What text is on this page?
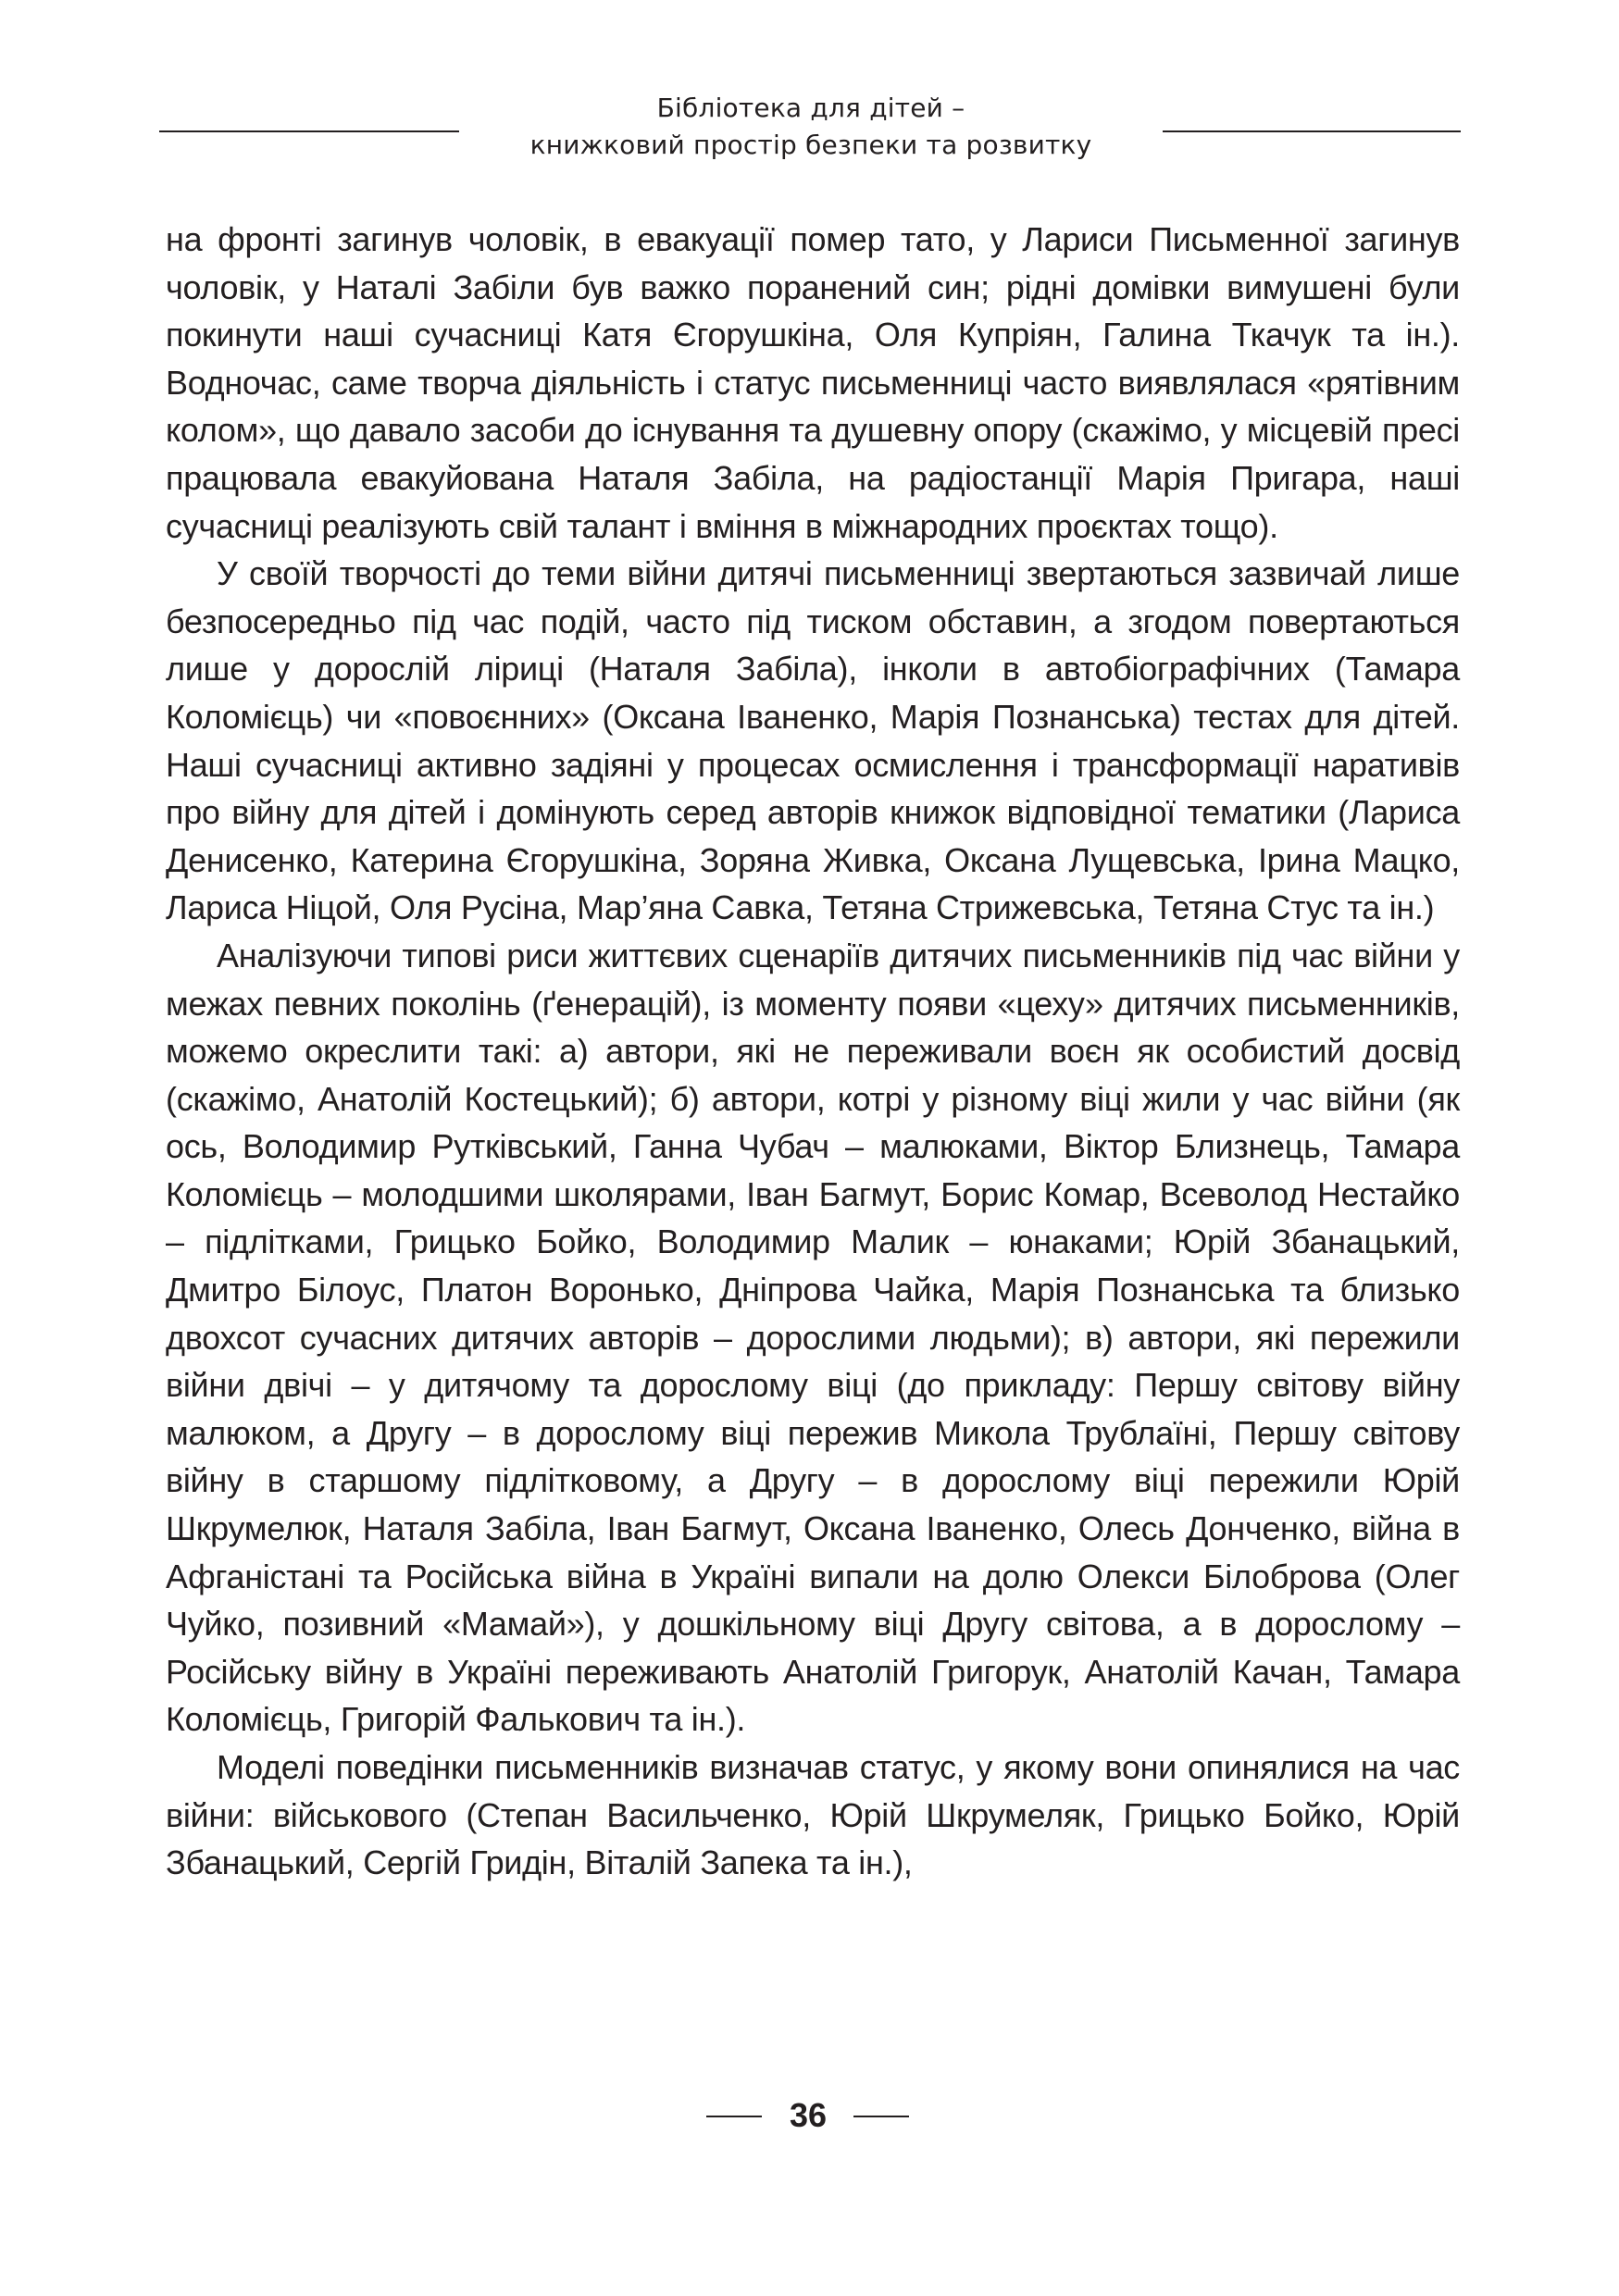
Бібліотека для дітей –
книжковий простір безпеки та розвитку

на фронті загинув чоловік, в евакуації помер тато, у Лариси Письменної загинув чоловік, у Наталі Забіли був важко поранений син; рідні домівки вимушені були покинути наші сучасниці Катя Єгорушкіна, Оля Купріян, Галина Ткачук та ін.). Водночас, саме творча діяльність і статус письменниці часто виявлялася «рятівним колом», що давало засоби до існування та душевну опору (скажімо, у місцевій пресі працювала евакуйована Наталя Забіла, на радіостанції Марія Пригара, наші сучасниці реалізують свій талант і вміння в міжнародних проєктах тощо).

У своїй творчості до теми війни дитячі письменниці звертаються зазвичай лише безпосередньо під час подій, часто під тиском обставин, а згодом повертаються лише у дорослій ліриці (Наталя Забіла), інколи в автобіографічних (Тамара Коломієць) чи «повоєнних» (Оксана Іваненко, Марія Познанська) тестах для дітей. Наші сучасниці активно задіяні у процесах осмислення і трансформації наративів про війну для дітей і домінують серед авторів книжок відповідної тематики (Лариса Денисенко, Катерина Єгорушкіна, Зоряна Живка, Оксана Лущевська, Ірина Мацко, Лариса Ніцой, Оля Русіна, Мар’яна Савка, Тетяна Стрижевська, Тетяна Стус та ін.)

Аналізуючи типові риси життєвих сценаріїв дитячих письменників під час війни у межах певних поколінь (ґенерацій), із моменту появи «цеху» дитячих письменників, можемо окреслити такі: а) автори, які не переживали воєн як особистий досвід (скажімо, Анатолій Костецький); б) автори, котрі у різному віці жили у час війни (як ось, Володимир Рутківський, Ганна Чубач – малюками, Віктор Близнець, Тамара Коломієць – молодшими школярами, Іван Багмут, Борис Комар, Всеволод Нестайко – підлітками, Грицько Бойко, Володимир Малик – юнаками; Юрій Збанацький, Дмитро Білоус, Платон Воронько, Дніпрова Чайка, Марія Познанська та близько двохсот сучасних дитячих авторів – дорослими людьми); в) автори, які пережили війни двічі – у дитячому та дорослому віці (до прикладу: Першу світову війну малюком, а Другу – в дорослому віці пережив Микола Трублаїні, Першу світову війну в старшому підлітковому, а Другу – в дорослому віці пережили Юрій Шкрумелюк, Наталя Забіла, Іван Багмут, Оксана Іваненко, Олесь Донченко, війна в Афганістані та Російська війна в Україні випали на долю Олекси Білоброва (Олег Чуйко, позивний «Мамай»), у дошкільному віці Другу світова, а в дорослому – Російську війну в Україні переживають Анатолій Григорук, Анатолій Качан, Тамара Коломієць, Григорій Фалькович та ін.).

Моделі поведінки письменників визначав статус, у якому вони опинялися на час війни: військового (Степан Васильченко, Юрій Шкрумеляк, Грицько Бойко, Юрій Збанацький, Сергій Гридін, Віталій Запека та ін.),

36
